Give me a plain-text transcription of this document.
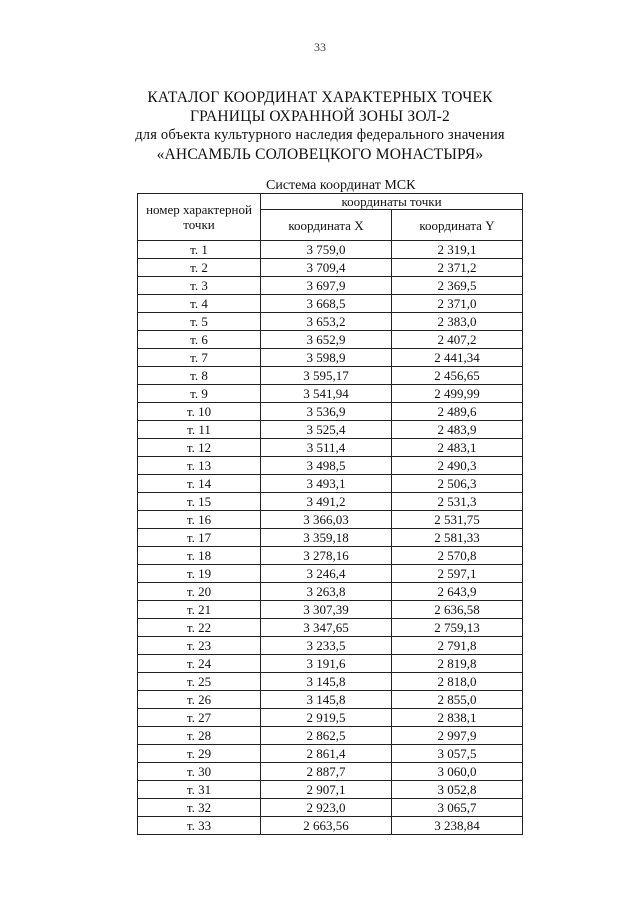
33
КАТАЛОГ КООРДИНАТ ХАРАКТЕРНЫХ ТОЧЕК
ГРАНИЦЫ ОХРАННОЙ ЗОНЫ ЗОЛ-2
для объекта культурного наследия федерального значения
«АНСАМБЛЬ СОЛОВЕЦКОГО МОНАСТЫРЯ»
Система координат МСК
номер характерной точки	координаты точки	
	координата X	координата Y
т. 1	3 759,0	2 319,1
т. 2	3 709,4	2 371,2
т. 3	3 697,9	2 369,5
т. 4	3 668,5	2 371,0
т. 5	3 653,2	2 383,0
т. 6	3 652,9	2 407,2
т. 7	3 598,9	2 441,34
т. 8	3 595,17	2 456,65
т. 9	3 541,94	2 499,99
т. 10	3 536,9	2 489,6
т. 11	3 525,4	2 483,9
т. 12	3 511,4	2 483,1
т. 13	3 498,5	2 490,3
т. 14	3 493,1	2 506,3
т. 15	3 491,2	2 531,3
т. 16	3 366,03	2 531,75
т. 17	3 359,18	2 581,33
т. 18	3 278,16	2 570,8
т. 19	3 246,4	2 597,1
т. 20	3 263,8	2 643,9
т. 21	3 307,39	2 636,58
т. 22	3 347,65	2 759,13
т. 23	3 233,5	2 791,8
т. 24	3 191,6	2 819,8
т. 25	3 145,8	2 818,0
т. 26	3 145,8	2 855,0
т. 27	2 919,5	2 838,1
т. 28	2 862,5	2 997,9
т. 29	2 861,4	3 057,5
т. 30	2 887,7	3 060,0
т. 31	2 907,1	3 052,8
т. 32	2 923,0	3 065,7
т. 33	2 663,56	3 238,84
